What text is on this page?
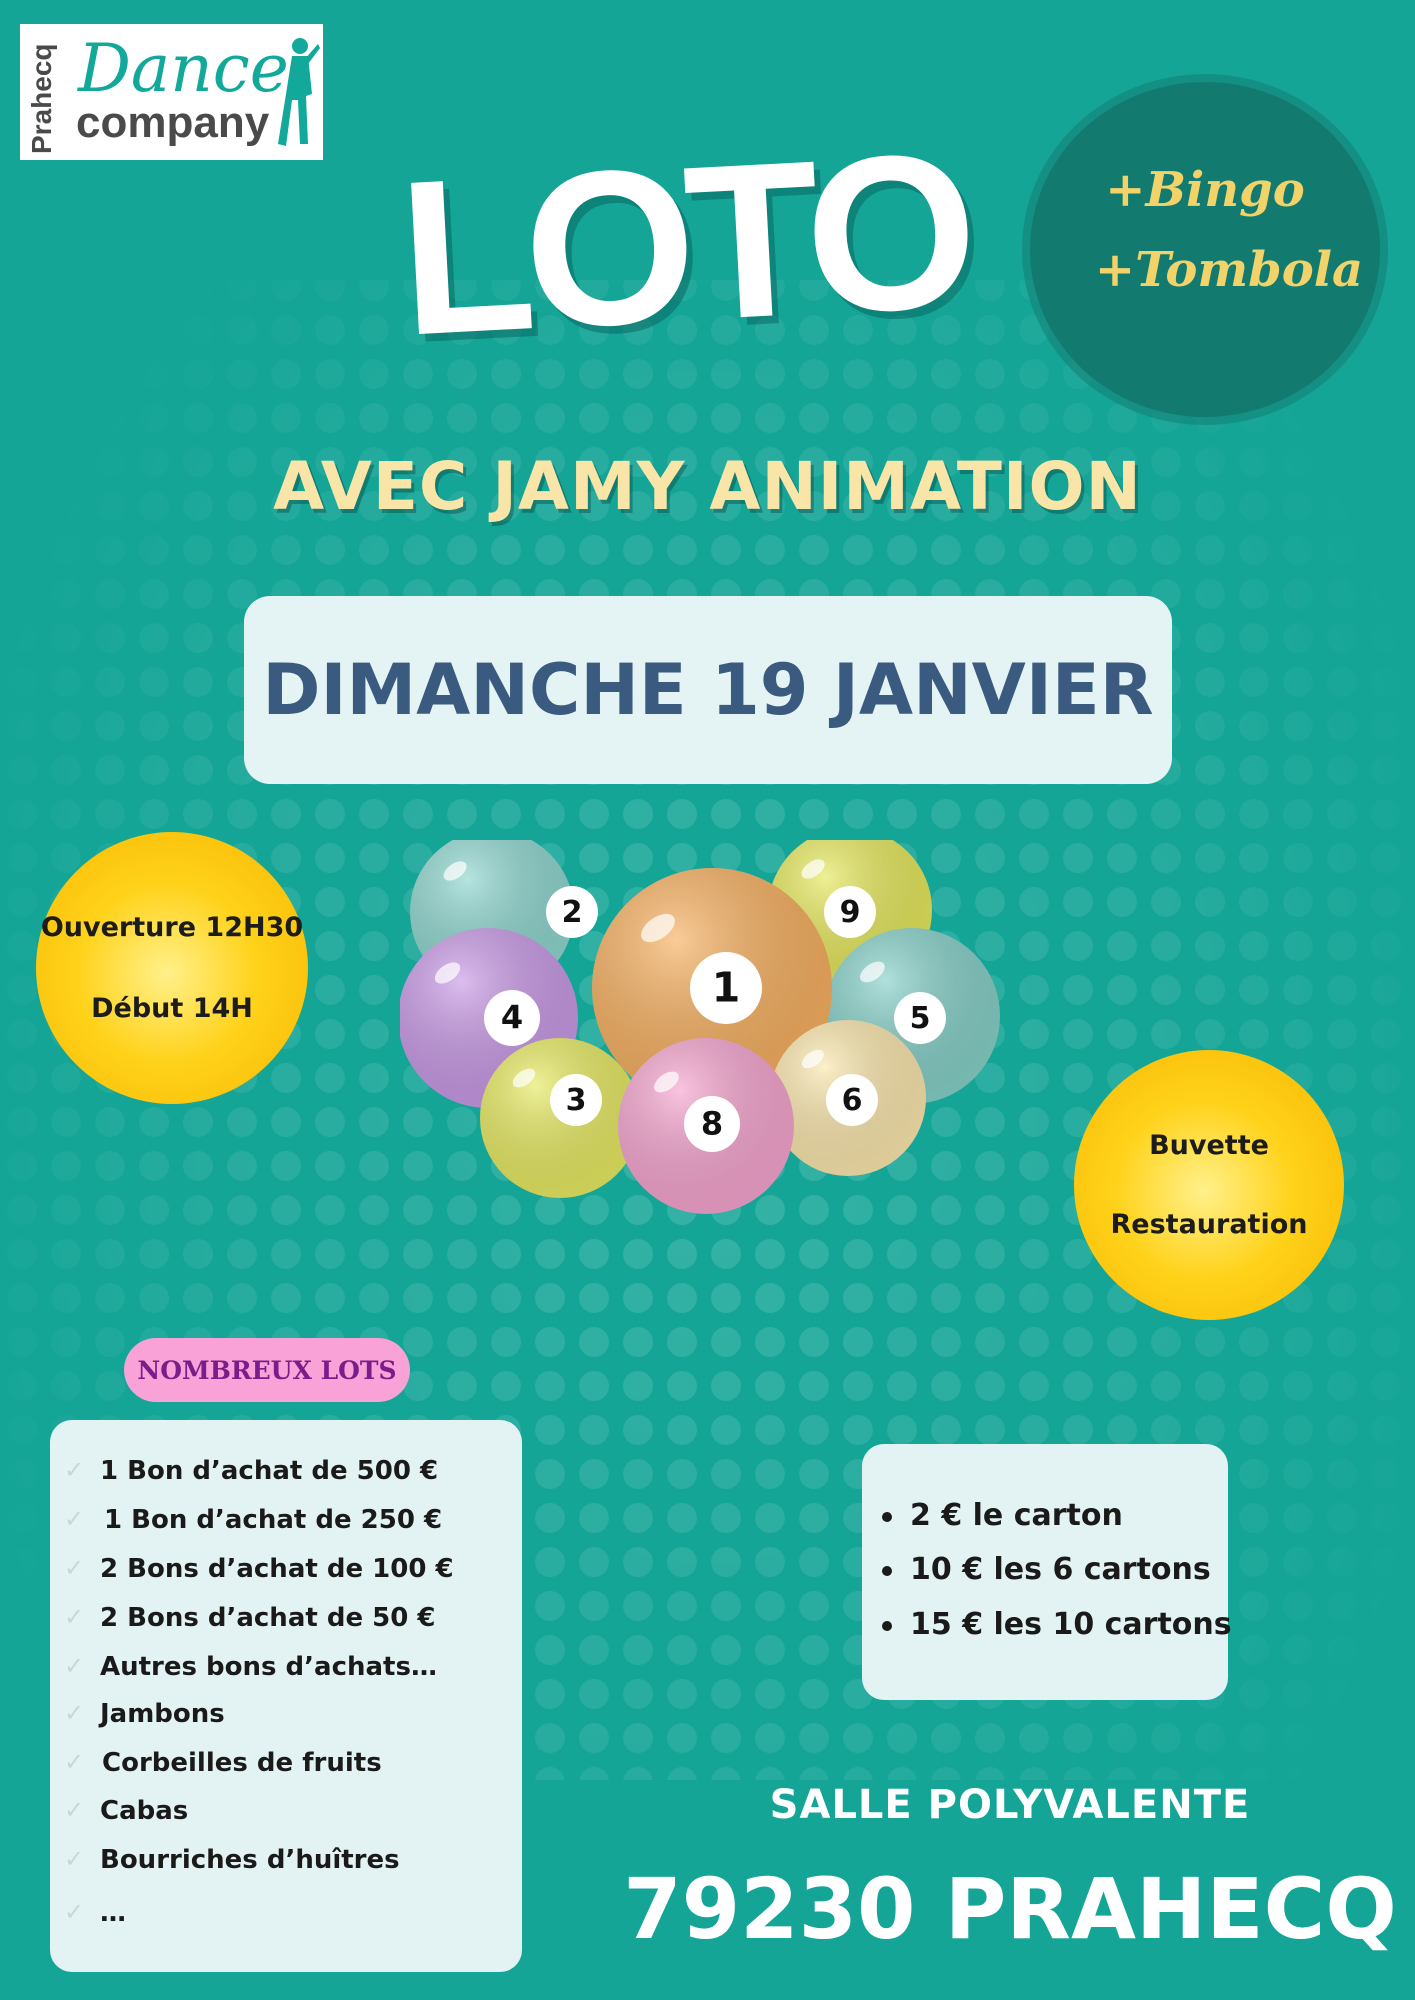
Prahecq Dance
company LOTO	+Bingo
+Tombola
AVEC JAMY ANIMATION
DIMANCHE 19 JANVIER
Ouverture 12H30
Début 14H
Buvette
Restauration
2	9
4	5
1
6
3
8
NOMBREUX LOTS
✓ 1 Bon d’achat de 500 €
✓ 1 Bon d’achat de 250 €
✓ 2 Bons d’achat de 100 €
✓ 2 Bons d’achat de 50 €
✓ Autres bons d’achats…
✓ Jambons
✓ Corbeilles de fruits
✓ Cabas
✓ Bourriches d’huîtres
✓ …
2 € le carton
10 € les 6 cartons
15 € les 10 cartons
SALLE POLYVALENTE
79230 PRAHECQ
